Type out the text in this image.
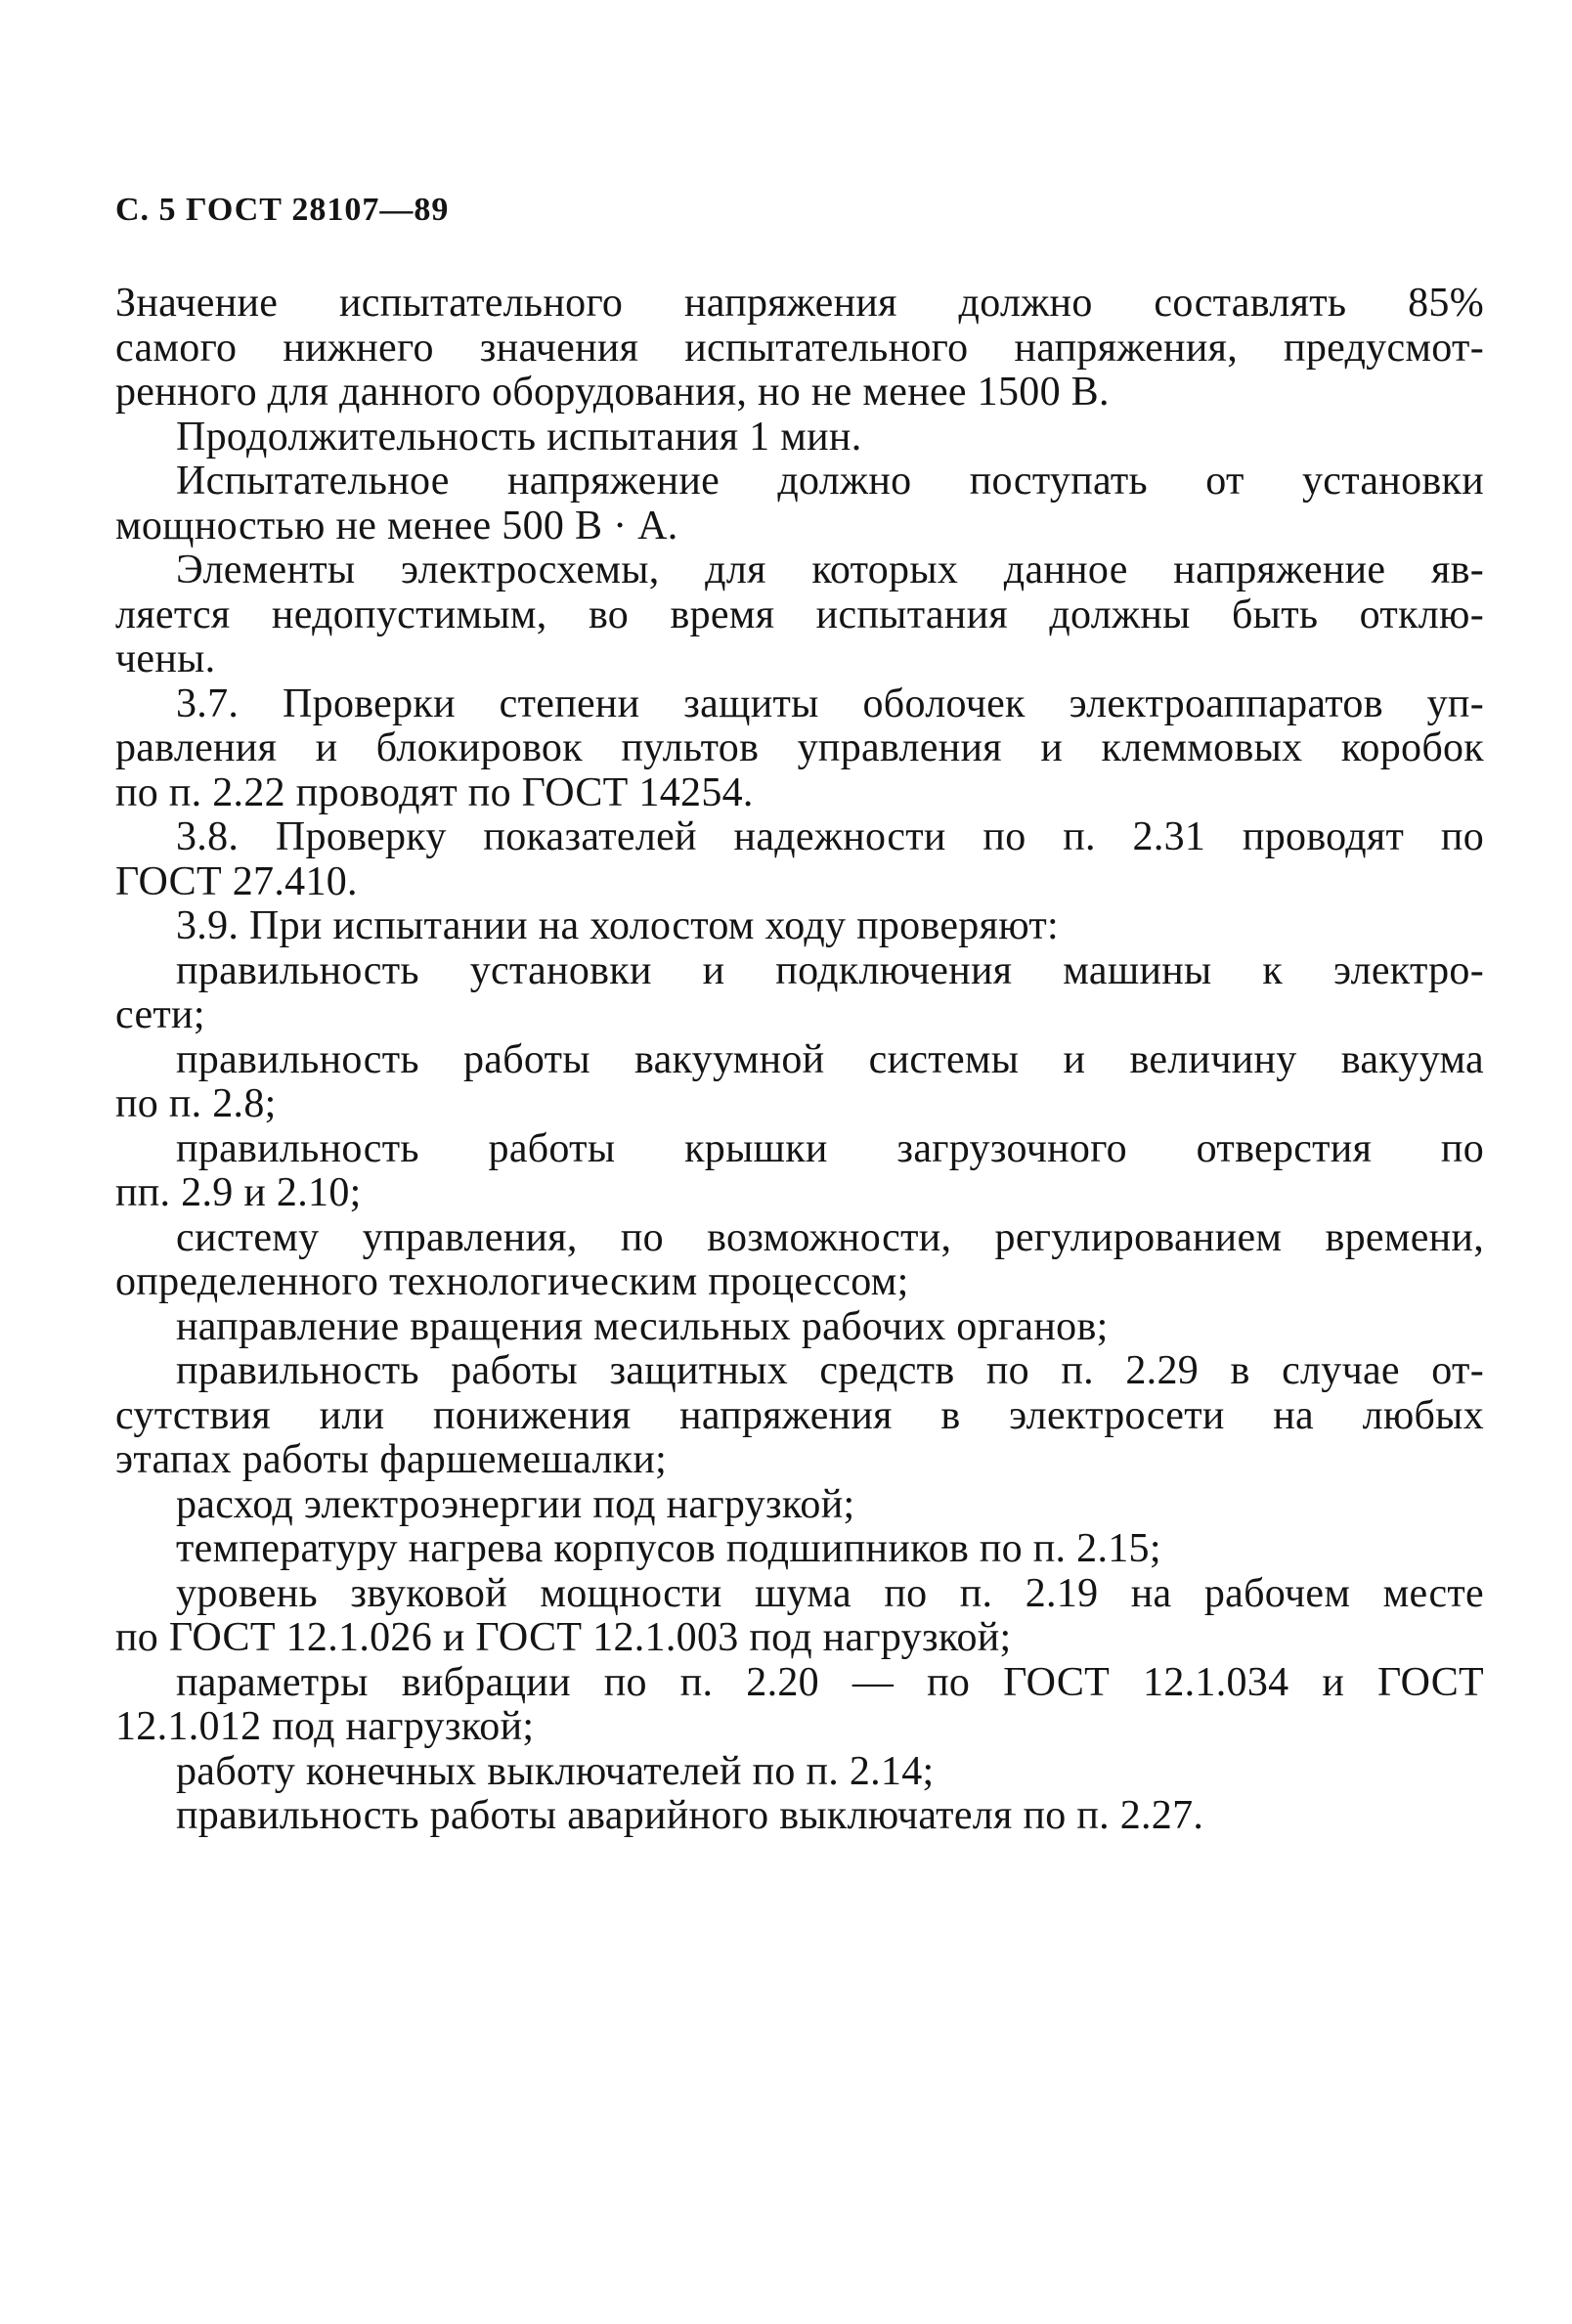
С. 5 ГОСТ 28107—89
Значение испытательного напряжения должно составлять 85%
самого нижнего значения испытательного напряжения, предусмот-
ренного для данного оборудования, но не менее 1500 В.
Продолжительность испытания 1 мин.
Испытательное напряжение должно поступать от установки
мощностью не менее 500 В · А.
Элементы электросхемы, для которых данное напряжение яв-
ляется недопустимым, во время испытания должны быть отклю-
чены.
3.7. Проверки степени защиты оболочек электроаппаратов уп-
равления и блокировок пультов управления и клеммовых коробок
по п. 2.22 проводят по ГОСТ 14254.
3.8. Проверку показателей надежности по п. 2.31 проводят по
ГОСТ 27.410.
3.9. При испытании на холостом ходу проверяют:
правильность установки и подключения машины к электро-
сети;
правильность работы вакуумной системы и величину вакуума
по п. 2.8;
правильность работы крышки загрузочного отверстия по
пп. 2.9 и 2.10;
систему управления, по возможности, регулированием времени,
определенного технологическим процессом;
направление вращения месильных рабочих органов;
правильность работы защитных средств по п. 2.29 в случае от-
сутствия или понижения напряжения в электросети на любых
этапах работы фаршемешалки;
расход электроэнергии под нагрузкой;
температуру нагрева корпусов подшипников по п. 2.15;
уровень звуковой мощности шума по п. 2.19 на рабочем месте
по ГОСТ 12.1.026 и ГОСТ 12.1.003 под нагрузкой;
параметры вибрации по п. 2.20 — по ГОСТ 12.1.034 и ГОСТ
12.1.012 под нагрузкой;
работу конечных выключателей по п. 2.14;
правильность работы аварийного выключателя по п. 2.27.
